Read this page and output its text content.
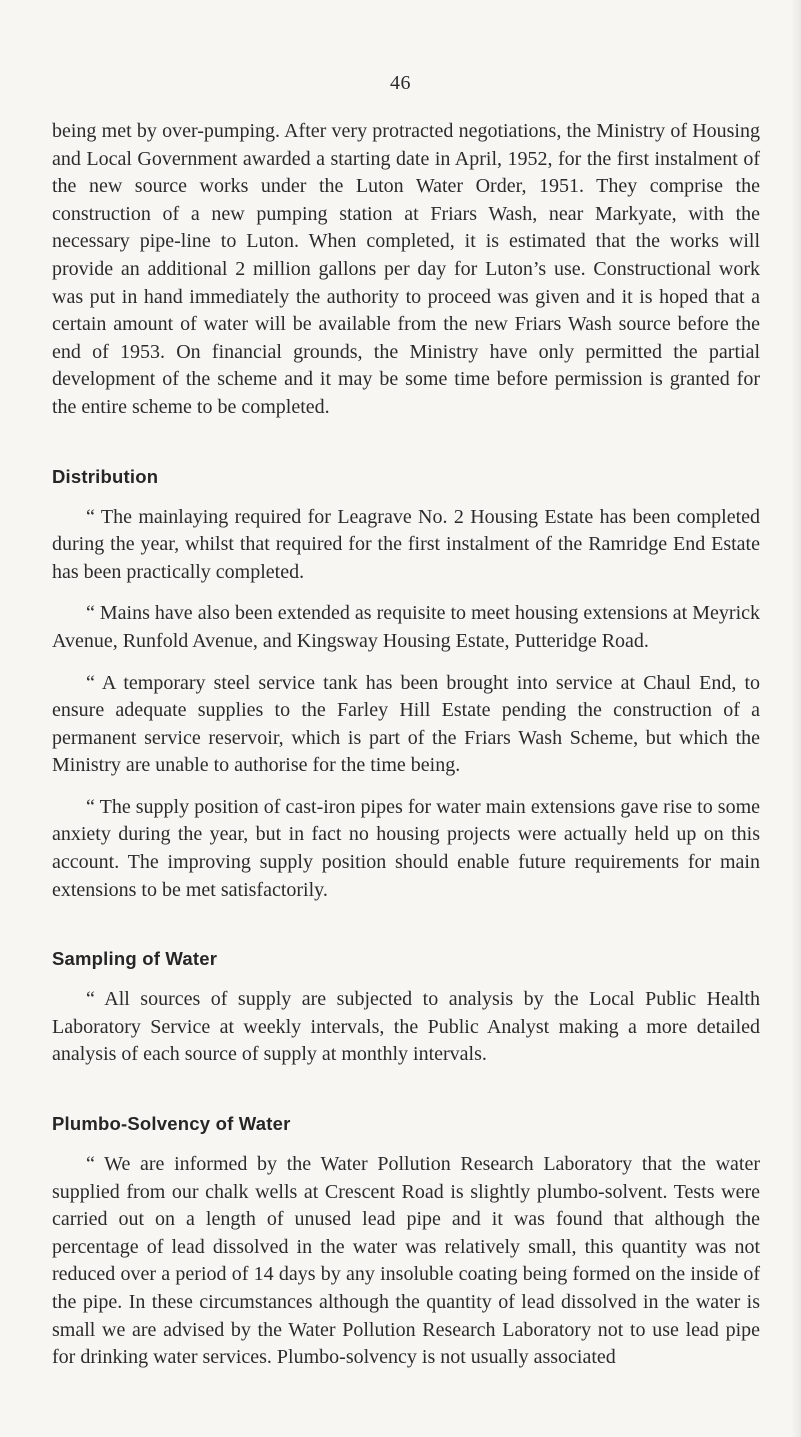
46

being met by over-pumping. After very protracted negotiations, the Ministry of Housing and Local Government awarded a starting date in April, 1952, for the first instalment of the new source works under the Luton Water Order, 1951. They comprise the construction of a new pumping station at Friars Wash, near Markyate, with the necessary pipe-line to Luton. When completed, it is estimated that the works will provide an additional 2 million gallons per day for Luton’s use. Constructional work was put in hand immediately the authority to proceed was given and it is hoped that a certain amount of water will be available from the new Friars Wash source before the end of 1953. On financial grounds, the Ministry have only permitted the partial development of the scheme and it may be some time before permission is granted for the entire scheme to be completed.

Distribution

“ The mainlaying required for Leagrave No. 2 Housing Estate has been completed during the year, whilst that required for the first instalment of the Ramridge End Estate has been practically completed.

“ Mains have also been extended as requisite to meet housing extensions at Meyrick Avenue, Runfold Avenue, and Kingsway Housing Estate, Putteridge Road.

“ A temporary steel service tank has been brought into service at Chaul End, to ensure adequate supplies to the Farley Hill Estate pending the construction of a permanent service reservoir, which is part of the Friars Wash Scheme, but which the Ministry are unable to authorise for the time being.

“ The supply position of cast-iron pipes for water main extensions gave rise to some anxiety during the year, but in fact no housing projects were actually held up on this account. The improving supply position should enable future requirements for main extensions to be met satisfactorily.

Sampling of Water

“ All sources of supply are subjected to analysis by the Local Public Health Laboratory Service at weekly intervals, the Public Analyst making a more detailed analysis of each source of supply at monthly intervals.

Plumbo-Solvency of Water

“ We are informed by the Water Pollution Research Laboratory that the water supplied from our chalk wells at Crescent Road is slightly plumbo-solvent. Tests were carried out on a length of unused lead pipe and it was found that although the percentage of lead dissolved in the water was relatively small, this quantity was not reduced over a period of 14 days by any insoluble coating being formed on the inside of the pipe. In these circumstances although the quantity of lead dissolved in the water is small we are advised by the Water Pollution Research Laboratory not to use lead pipe for drinking water services. Plumbo-solvency is not usually associated
